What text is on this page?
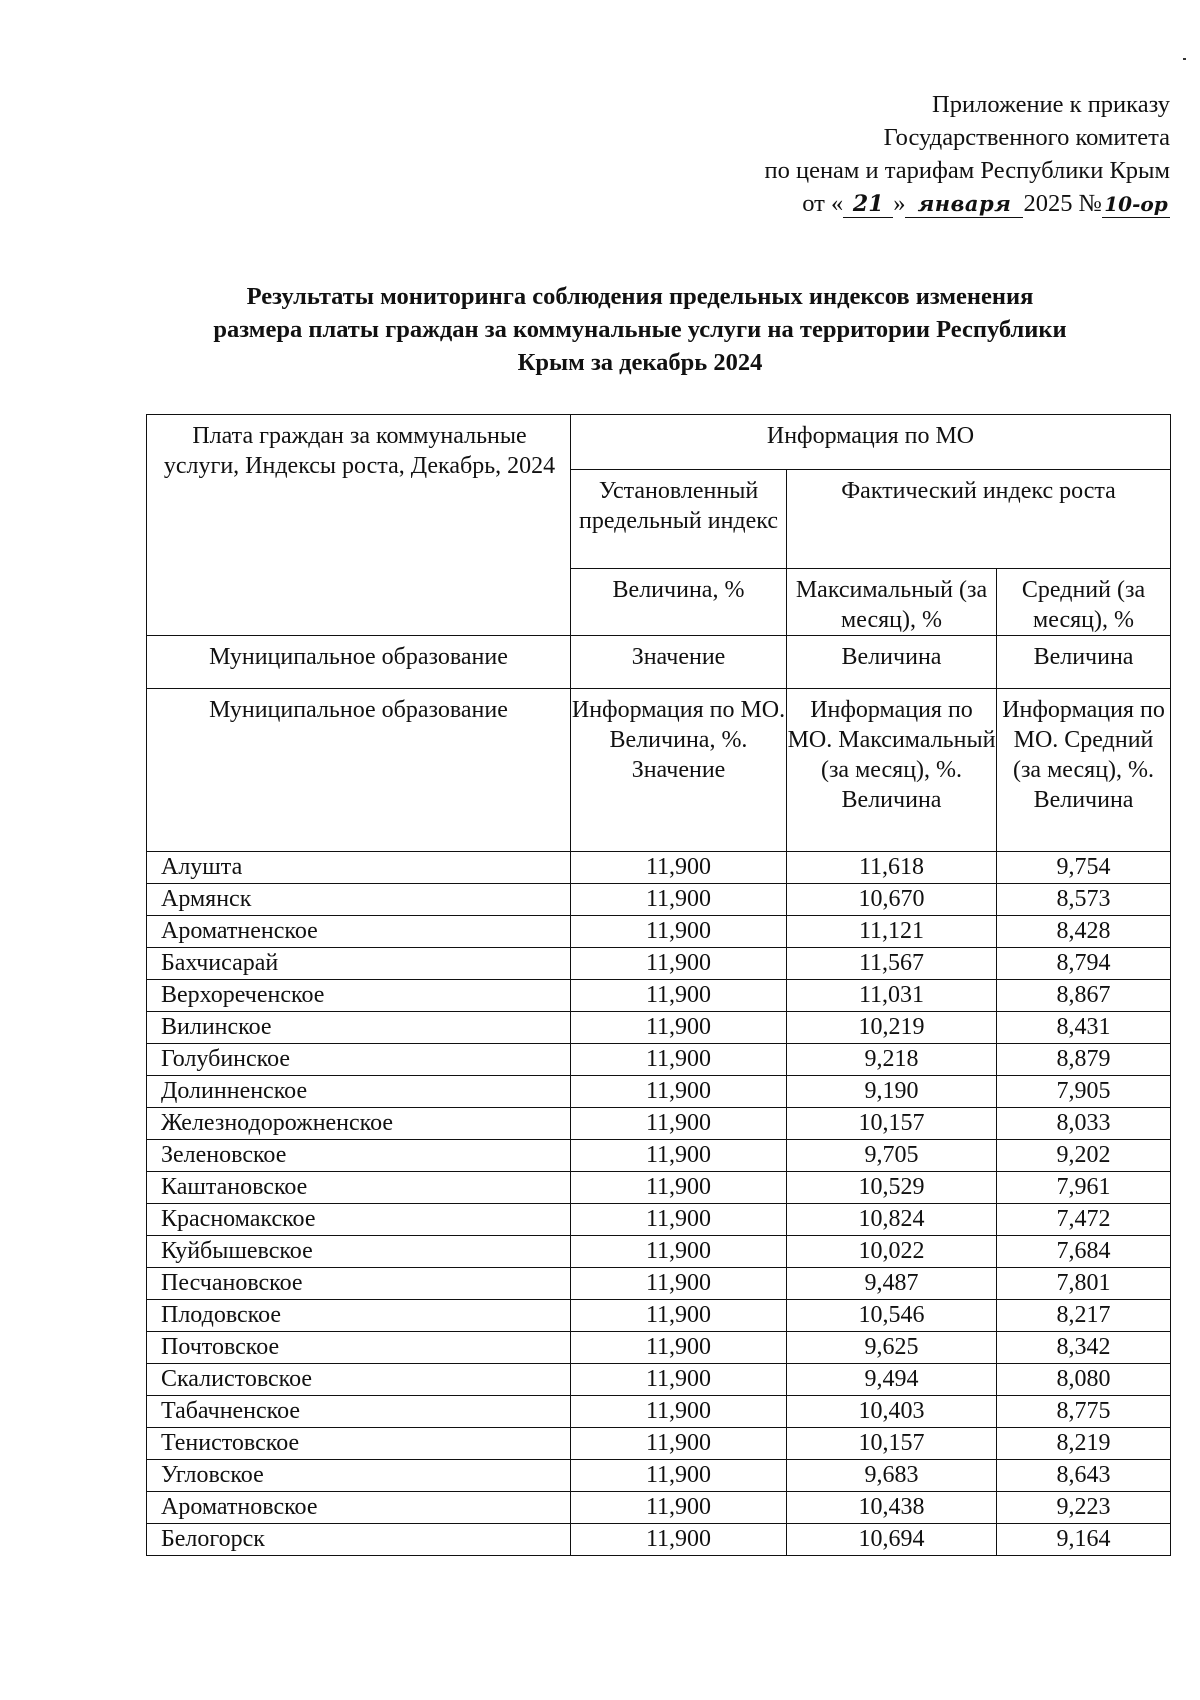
Приложение к приказу
Государственного комитета
по ценам и тарифам Республики Крым
от « 21 » января 2025 № 10-ор
Результаты мониторинга соблюдения предельных индексов изменения
размера платы граждан за коммунальные услуги на территории Республики
Крым за декабрь 2024
Плата граждан за коммунальные услуги, Индексы роста, Декабрь, 2024	Информация по МО		
	Установленный предельный индекс	Фактический индекс роста	
	Величина, %	Максимальный (за месяц), %	Средний (за месяц), %
Муниципальное образование	Значение	Величина	Величина
Муниципальное образование	Информация по МО. Величина, %. Значение	Информация по МО. Максимальный (за месяц), %. Величина	Информация по МО. Средний (за месяц), %. Величина
Алушта	11,900	11,618	9,754
Армянск	11,900	10,670	8,573
Ароматненское	11,900	11,121	8,428
Бахчисарай	11,900	11,567	8,794
Верхореченское	11,900	11,031	8,867
Вилинское	11,900	10,219	8,431
Голубинское	11,900	9,218	8,879
Долинненское	11,900	9,190	7,905
Железнодорожненское	11,900	10,157	8,033
Зеленовское	11,900	9,705	9,202
Каштановское	11,900	10,529	7,961
Красномакское	11,900	10,824	7,472
Куйбышевское	11,900	10,022	7,684
Песчановское	11,900	9,487	7,801
Плодовское	11,900	10,546	8,217
Почтовское	11,900	9,625	8,342
Скалистовское	11,900	9,494	8,080
Табачненское	11,900	10,403	8,775
Тенистовское	11,900	10,157	8,219
Угловское	11,900	9,683	8,643
Ароматновское	11,900	10,438	9,223
Белогорск	11,900	10,694	9,164
